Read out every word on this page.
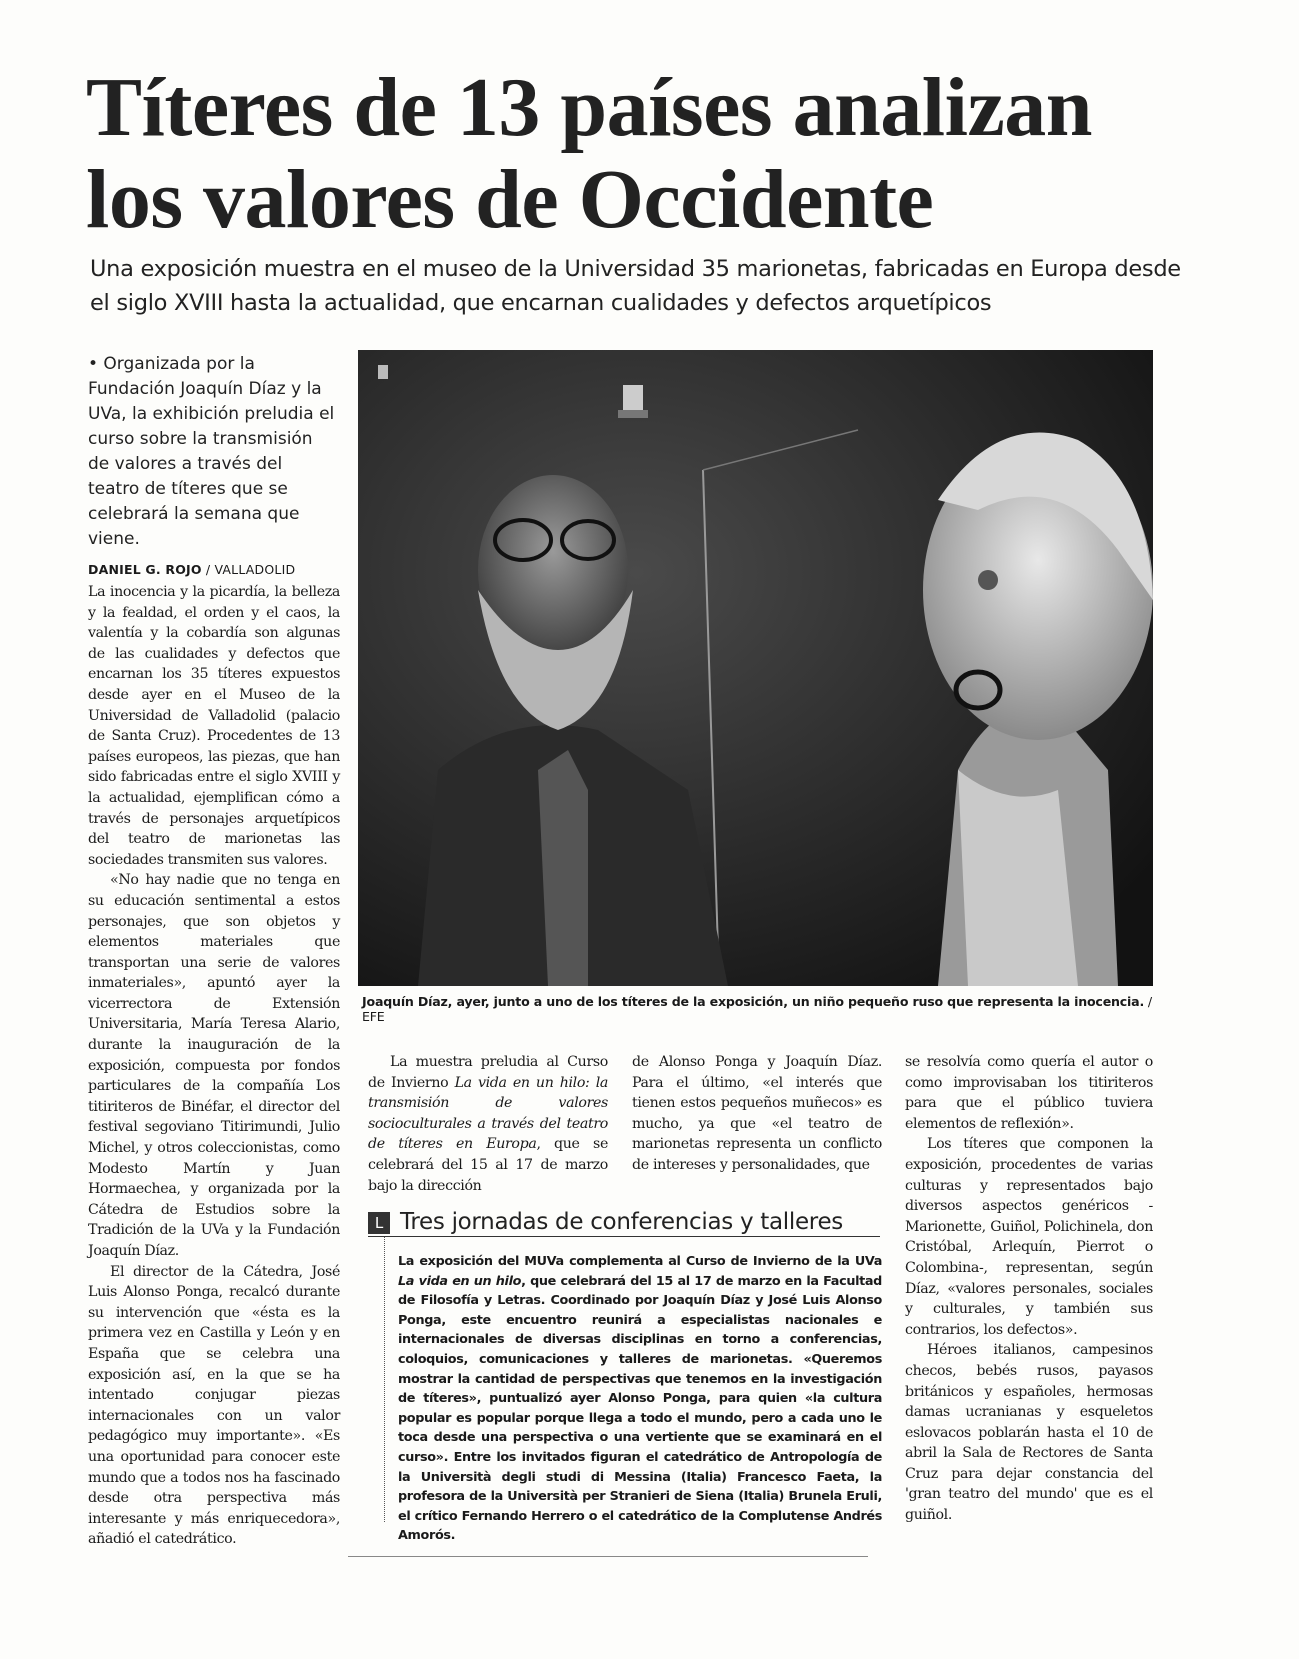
Títeres de 13 países analizan
los valores de Occidente
Una exposición muestra en el museo de la Universidad 35 marionetas, fabricadas en Europa desde el siglo XVIII hasta la actualidad, que encarnan cualidades y defectos arquetípicos
• Organizada por la Fundación Joaquín Díaz y la UVa, la exhibición preludia el curso sobre la transmisión de valores a través del teatro de títeres que se celebrará la semana que viene.
DANIEL G. ROJO / VALLADOLID

La inocencia y la picardía, la belleza y la fealdad, el orden y el caos, la valentía y la cobardía son algunas de las cualidades y defectos que encarnan los 35 títeres expuestos desde ayer en el Museo de la Universidad de Valladolid (palacio de Santa Cruz). Procedentes de 13 países europeos, las piezas, que han sido fabricadas entre el siglo XVIII y la actualidad, ejemplifican cómo a través de personajes arquetípicos del teatro de marionetas las sociedades transmiten sus valores.

«No hay nadie que no tenga en su educación sentimental a estos personajes, que son objetos y elementos materiales que transportan una serie de valores inmateriales», apuntó ayer la vicerrectora de Extensión Universitaria, María Teresa Alario, durante la inauguración de la exposición, compuesta por fondos particulares de la compañía Los titiriteros de Binéfar, el director del festival segoviano Titirimundi, Julio Michel, y otros coleccionistas, como Modesto Martín y Juan Hormaechea, y organizada por la Cátedra de Estudios sobre la Tradición de la UVa y la Fundación Joaquín Díaz.

El director de la Cátedra, José Luis Alonso Ponga, recalcó durante su intervención que «ésta es la primera vez en Castilla y León y en España que se celebra una exposición así, en la que se ha intentado conjugar piezas internacionales con un valor pedagógico muy importante». «Es una oportunidad para conocer este mundo que a todos nos ha fascinado desde otra perspectiva más interesante y más enriquecedora», añadió el catedrático.

Joaquín Díaz, ayer, junto a uno de los títeres de la exposición, un niño pequeño ruso que representa la inocencia. / EFE

La muestra preludia al Curso de Invierno La vida en un hilo: la transmisión de valores socioculturales a través del teatro de títeres en Europa, que se celebrará del 15 al 17 de marzo bajo la dirección

de Alonso Ponga y Joaquín Díaz. Para el último, «el interés que tienen estos pequeños muñecos» es mucho, ya que «el teatro de marionetas representa un conflicto de intereses y personalidades, que

se resolvía como quería el autor o como improvisaban los titiriteros para que el público tuviera elementos de reflexión».

Los títeres que componen la exposición, procedentes de varias culturas y representados bajo diversos aspectos genéricos - Marionette, Guiñol, Polichinela, don Cristóbal, Arlequín, Pierrot o Colombina-, representan, según Díaz, «valores personales, sociales y culturales, y también sus contrarios, los defectos».

Héroes italianos, campesinos checos, bebés rusos, payasos británicos y españoles, hermosas damas ucranianas y esqueletos eslovacos poblarán hasta el 10 de abril la Sala de Rectores de Santa Cruz para dejar constancia del 'gran teatro del mundo' que es el guiñol.

L Tres jornadas de conferencias y talleres
La exposición del MUVa complementa al Curso de Invierno de la UVa La vida en un hilo, que celebrará del 15 al 17 de marzo en la Facultad de Filosofía y Letras. Coordinado por Joaquín Díaz y José Luis Alonso Ponga, este encuentro reunirá a especialistas nacionales e internacionales de diversas disciplinas en torno a conferencias, coloquios, comunicaciones y talleres de marionetas. «Queremos mostrar la cantidad de perspectivas que tenemos en la investigación de títeres», puntualizó ayer Alonso Ponga, para quien «la cultura popular es popular porque llega a todo el mundo, pero a cada uno le toca desde una perspectiva o una vertiente que se examinará en el curso». Entre los invitados figuran el catedrático de Antropología de la Università degli studi di Messina (Italia) Francesco Faeta, la profesora de la Università per Stranieri de Siena (Italia) Brunela Eruli, el crítico Fernando Herrero o el catedrático de la Complutense Andrés Amorós.
